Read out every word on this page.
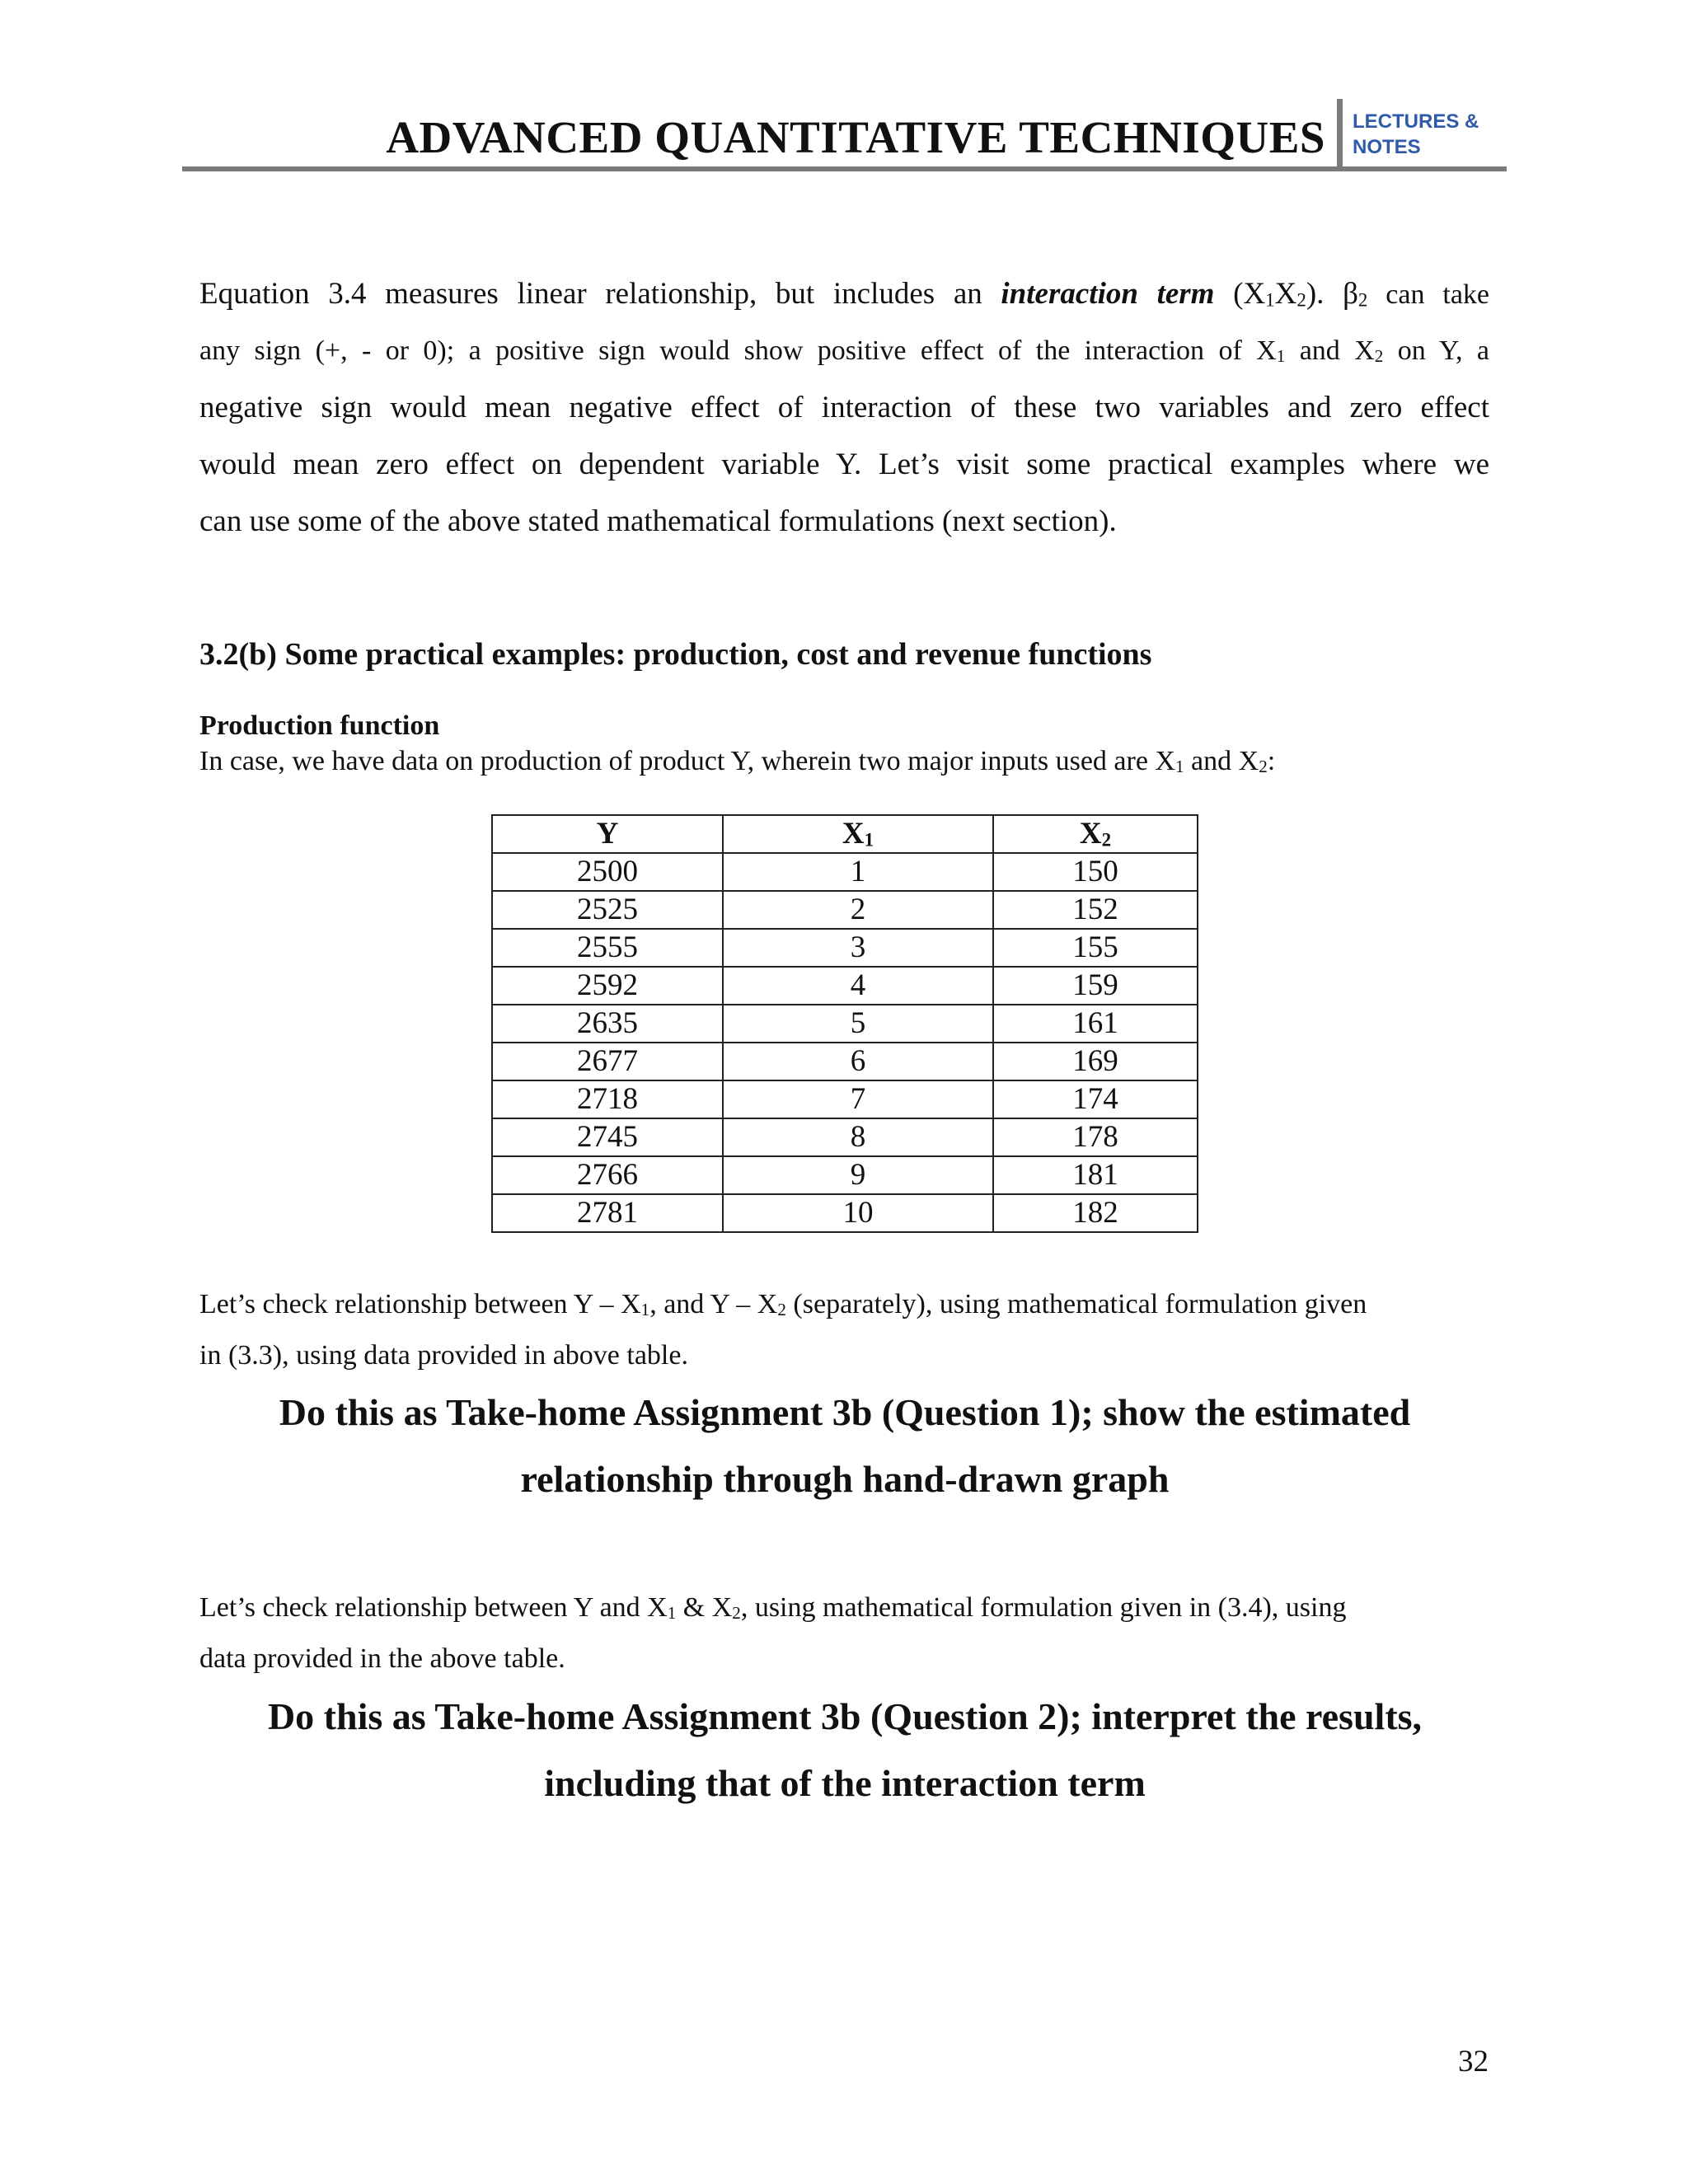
ADVANCED QUANTITATIVE TECHNIQUES LECTURES &
NOTES
Equation 3.4 measures linear relationship, but includes an interaction term $(X_1X_2)$. $\beta_2$ can take
any sign (+, - or 0); a positive sign would show positive effect of the interaction of $X_1$ and $X_2$ on Y, a
negative sign would mean negative effect of interaction of these two variables and zero effect
would mean zero effect on dependent variable Y. Let’s visit some practical examples where we
can use some of the above stated mathematical formulations (next section).
3.2(b) Some practical examples: production, cost and revenue functions
Production function
In case, we have data on production of product Y, wherein two major inputs used are $X_1$ and $X_2$:
Y	$X_1$	$X_2$
2500	1	150
2525	2	152
2555	3	155
2592	4	159
2635	5	161
2677	6	169
2718	7	174
2745	8	178
2766	9	181
2781	10	182
Let’s check relationship between Y – $X_1$, and Y – $X_2$ (separately), using mathematical formulation given
in (3.3), using data provided in above table.
Do this as Take-home Assignment 3b (Question 1); show the estimated
relationship through hand-drawn graph
Let’s check relationship between Y and $X_1$ & $X_2$, using mathematical formulation given in (3.4), using
data provided in the above table.
Do this as Take-home Assignment 3b (Question 2); interpret the results,
including that of the interaction term
32
